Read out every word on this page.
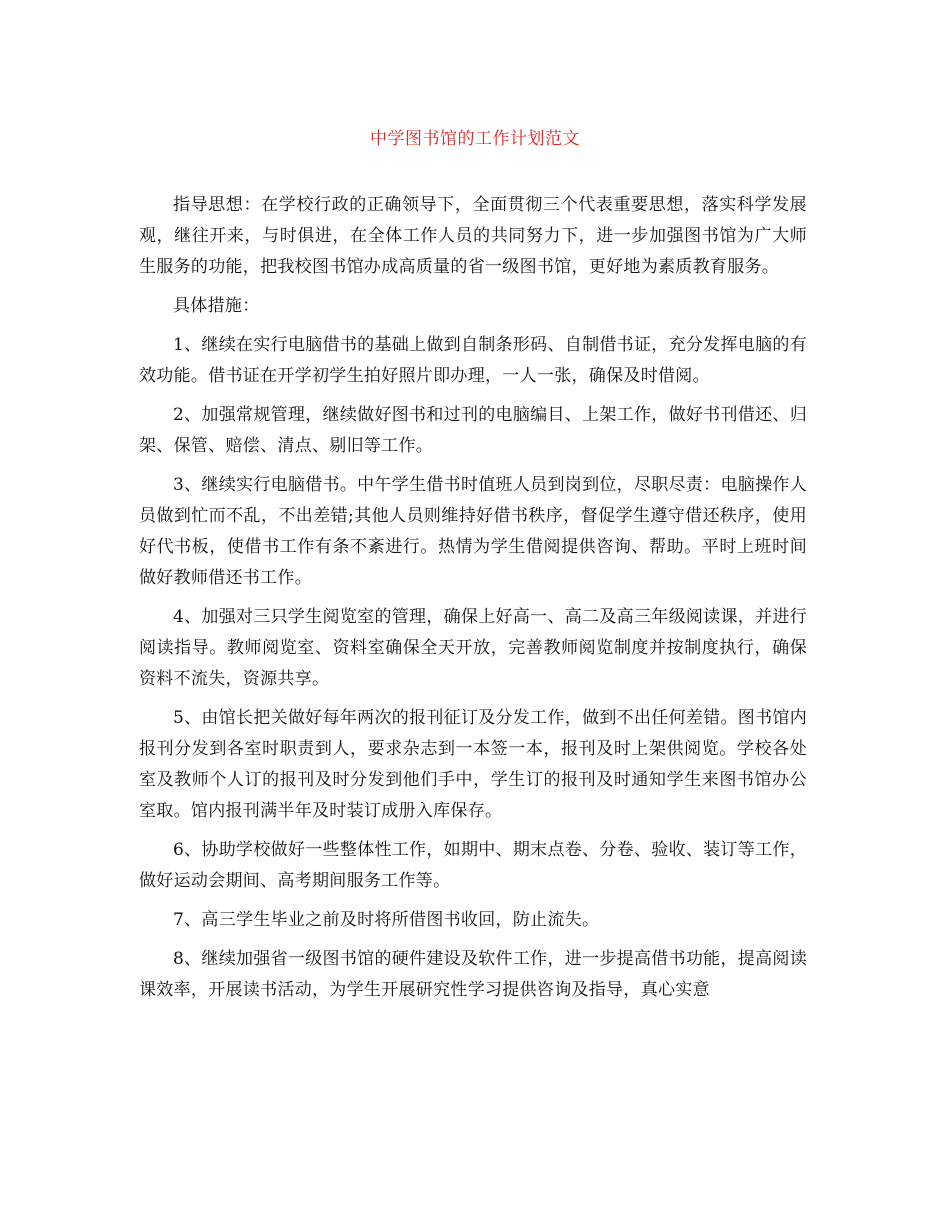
中学图书馆的工作计划范文

指导思想：在学校行政的正确领导下，全面贯彻三个代表重要思想，落实科学发展观，继往开来，与时俱进，在全体工作人员的共同努力下，进一步加强图书馆为广大师生服务的功能，把我校图书馆办成高质量的省一级图书馆，更好地为素质教育服务。

具体措施：

1、继续在实行电脑借书的基础上做到自制条形码、自制借书证，充分发挥电脑的有效功能。借书证在开学初学生拍好照片即办理，一人一张，确保及时借阅。

2、加强常规管理，继续做好图书和过刊的电脑编目、上架工作，做好书刊借还、归架、保管、赔偿、清点、剔旧等工作。

3、继续实行电脑借书。中午学生借书时值班人员到岗到位，尽职尽责：电脑操作人员做到忙而不乱，不出差错;其他人员则维持好借书秩序，督促学生遵守借还秩序，使用好代书板，使借书工作有条不紊进行。热情为学生借阅提供咨询、帮助。平时上班时间做好教师借还书工作。

4、加强对三只学生阅览室的管理，确保上好高一、高二及高三年级阅读课，并进行阅读指导。教师阅览室、资料室确保全天开放，完善教师阅览制度并按制度执行，确保资料不流失，资源共享。

5、由馆长把关做好每年两次的报刊征订及分发工作，做到不出任何差错。图书馆内报刊分发到各室时职责到人，要求杂志到一本签一本，报刊及时上架供阅览。学校各处室及教师个人订的报刊及时分发到他们手中，学生订的报刊及时通知学生来图书馆办公室取。馆内报刊满半年及时装订成册入库保存。

6、协助学校做好一些整体性工作，如期中、期末点卷、分卷、验收、装订等工作，做好运动会期间、高考期间服务工作等。

7、高三学生毕业之前及时将所借图书收回，防止流失。

8、继续加强省一级图书馆的硬件建设及软件工作，进一步提高借书功能，提高阅读课效率，开展读书活动，为学生开展研究性学习提供咨询及指导，真心实意
